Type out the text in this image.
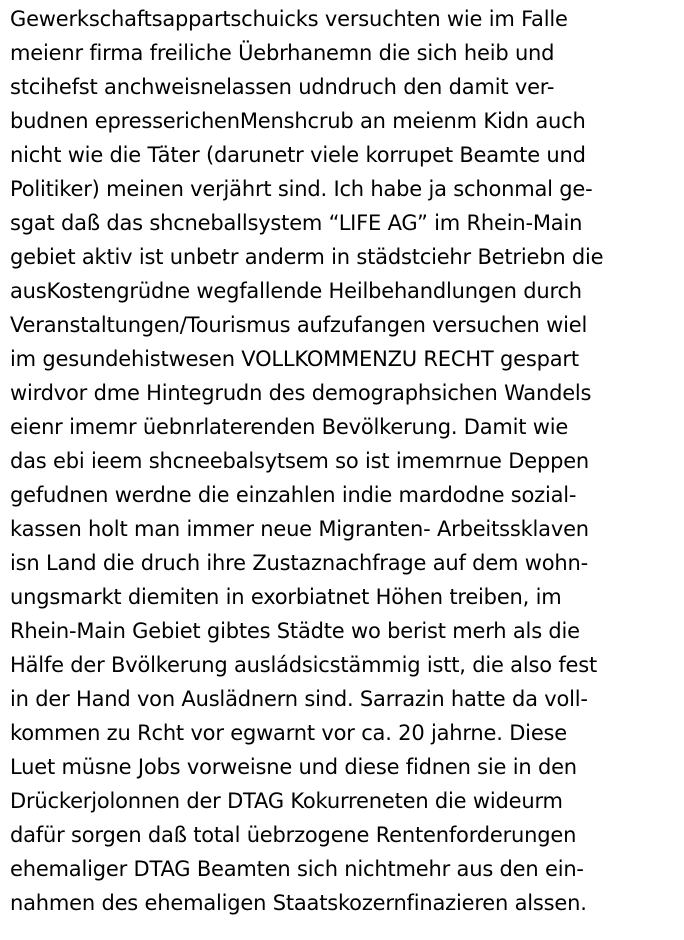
Gewerkschaftsappartschuicks versuchten wie im Falle
meienr firma freiliche Üebrhanemn die sich heib und
stcihefst anchweisnelassen udndruch den damit ver-
budnen epresserichenMenshcrub an meienm Kidn auch
nicht wie die Täter (darunetr viele korrupet Beamte und
Politiker) meinen verjährt sind. Ich habe ja schonmal ge-
sgat daß das shcneballsystem “LIFE AG” im Rhein-Main
gebiet aktiv ist unbetr anderm in städstciehr Betriebn die
ausKostengrüdne wegfallende Heilbehandlungen durch
Veranstaltungen/Tourismus aufzufangen versuchen wiel
im gesundehistwesen VOLLKOMMENZU RECHT gespart
wirdvor dme Hintegrudn des demographsichen Wandels
eienr imemr üebnrlaterenden Bevölkerung. Damit wie
das ebi ieem shcneebalsytsem so ist imemrnue Deppen
gefudnen werdne die einzahlen indie mardodne sozial-
kassen holt man immer neue Migranten- Arbeitssklaven
isn Land die druch ihre Zustaznachfrage auf dem wohn-
ungsmarkt diemiten in exorbiatnet Höhen treiben, im
Rhein-Main Gebiet gibtes Städte wo berist merh als die
Hälfe der Bvölkerung ausládsicstämmig istt, die also fest
in der Hand von Auslädnern sind. Sarrazin hatte da voll-
kommen zu Rcht vor egwarnt vor ca. 20 jahrne. Diese
Luet müsne Jobs vorweisne und diese fidnen sie in den
Drückerjolonnen der DTAG Kokurreneten die wideurm
dafür sorgen daß total üebrzogene Rentenforderungen
ehemaliger DTAG Beamten sich nichtmehr aus den ein-
nahmen des ehemaligen Staatskozernfinazieren alssen.
